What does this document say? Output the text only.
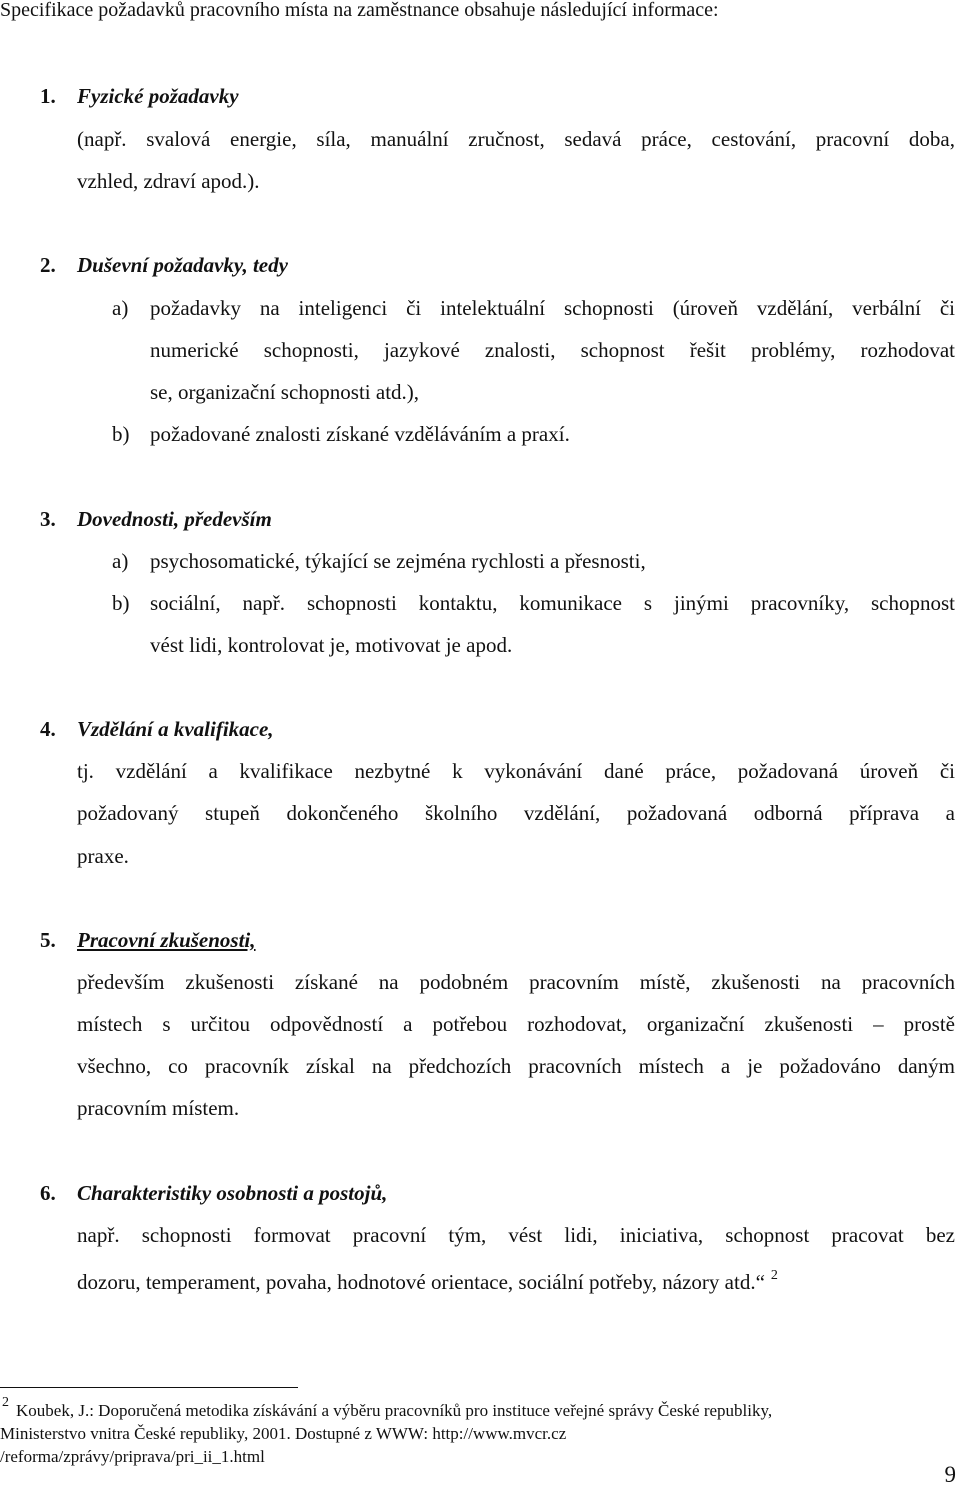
Specifikace požadavků pracovního místa na zaměstnance obsahuje následující informace:
1. Fyzické požadavky
(např. svalová energie, síla, manuální zručnost, sedavá práce, cestování, pracovní doba,
vzhled, zdraví apod.).
2. Duševní požadavky, tedy
a) požadavky na inteligenci či intelektuální schopnosti (úroveň vzdělání, verbální či
numerické schopnosti, jazykové znalosti, schopnost řešit problémy, rozhodovat
se, organizační schopnosti atd.),
b) požadované znalosti získané vzděláváním a praxí.
3. Dovednosti, především
a) psychosomatické, týkající se zejména rychlosti a přesnosti,
b) sociální, např. schopnosti kontaktu, komunikace s jinými pracovníky, schopnost
vést lidi, kontrolovat je, motivovat je apod.
4. Vzdělání a kvalifikace,
tj. vzdělání a kvalifikace nezbytné k vykonávání dané práce, požadovaná úroveň či
požadovaný stupeň dokončeného školního vzdělání, požadovaná odborná příprava a
praxe.
5. Pracovní zkušenosti,
především zkušenosti získané na podobném pracovním místě, zkušenosti na pracovních
místech s určitou odpovědností a potřebou rozhodovat, organizační zkušenosti – prostě
všechno, co pracovník získal na předchozích pracovních místech a je požadováno daným
pracovním místem.
6. Charakteristiky osobnosti a postojů,
např. schopnosti formovat pracovní tým, vést lidi, iniciativa, schopnost pracovat bez
dozoru, temperament, povaha, hodnotové orientace, sociální potřeby, názory atd.“ $^2$
2 Koubek, J.: Doporučená metodika získávání a výběru pracovníků pro instituce veřejné správy České republiky,
Ministerstvo vnitra České republiky, 2001. Dostupné z WWW: http://www.mvcr.cz
/reforma/zprávy/priprava/pri_ii_1.html
9
